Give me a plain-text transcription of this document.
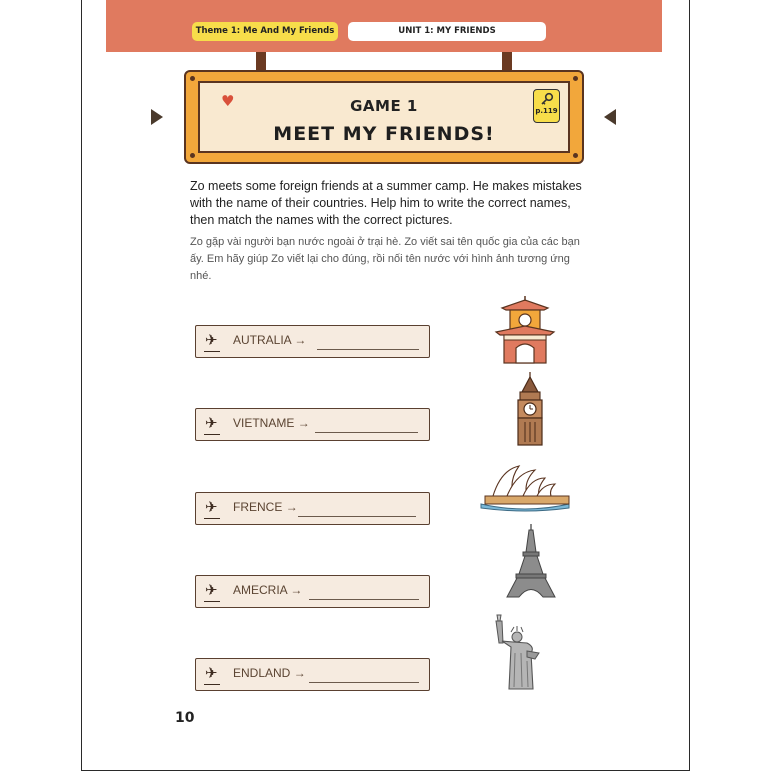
Theme 1: Me And My Friends	UNIT 1: MY FRIENDS
♥	GAME 1
MEET MY FRIENDS!
p.119
Zo meets some foreign friends at a summer camp. He makes mistakes with the name of their countries. Help him to write the correct names, then match the names with the correct pictures.
Zo gặp vài người bạn nước ngoài ở trại hè. Zo viết sai tên quốc gia của các bạn ấy. Em hãy giúp Zo viết lại cho đúng, rồi nối tên nước với hình ảnh tương ứng nhé.
✈ AUTRALIA →
✈ VIETNAME →
✈ FRENCE →
✈ AMECRIA →
✈ ENDLAND →
10
